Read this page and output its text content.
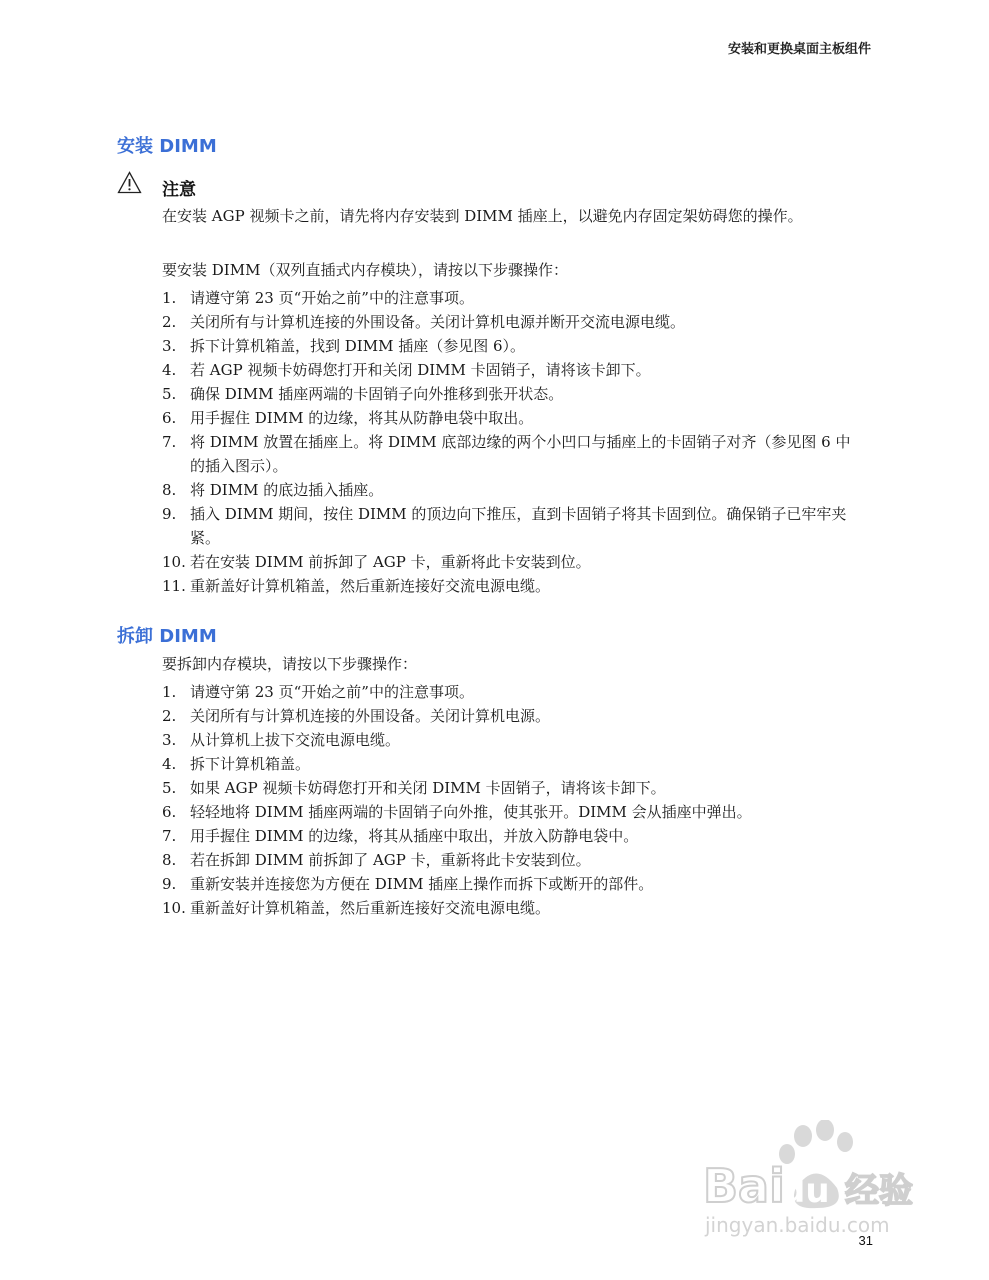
安装和更换桌面主板组件
安装 DIMM
注意
在安装 AGP 视频卡之前，请先将内存安装到 DIMM 插座上，以避免内存固定架妨碍您的操作。
要安装 DIMM（双列直插式内存模块），请按以下步骤操作：
1. 请遵守第 23 页“开始之前”中的注意事项。
2. 关闭所有与计算机连接的外围设备。关闭计算机电源并断开交流电源电缆。
3. 拆下计算机箱盖，找到 DIMM 插座（参见图 6）。
4. 若 AGP 视频卡妨碍您打开和关闭 DIMM 卡固销子，请将该卡卸下。
5. 确保 DIMM 插座两端的卡固销子向外推移到张开状态。
6. 用手握住 DIMM 的边缘，将其从防静电袋中取出。
7. 将 DIMM 放置在插座上。将 DIMM 底部边缘的两个小凹口与插座上的卡固销子对齐（参见图 6 中的插入图示）。
8. 将 DIMM 的底边插入插座。
9. 插入 DIMM 期间，按住 DIMM 的顶边向下推压，直到卡固销子将其卡固到位。确保销子已牢牢夹紧。
10. 若在安装 DIMM 前拆卸了 AGP 卡，重新将此卡安装到位。
11. 重新盖好计算机箱盖，然后重新连接好交流电源电缆。
拆卸 DIMM
要拆卸内存模块，请按以下步骤操作：
1. 请遵守第 23 页“开始之前”中的注意事项。
2. 关闭所有与计算机连接的外围设备。关闭计算机电源。
3. 从计算机上拔下交流电源电缆。
4. 拆下计算机箱盖。
5. 如果 AGP 视频卡妨碍您打开和关闭 DIMM 卡固销子，请将该卡卸下。
6. 轻轻地将 DIMM 插座两端的卡固销子向外推，使其张开。DIMM 会从插座中弹出。
7. 用手握住 DIMM 的边缘，将其从插座中取出，并放入防静电袋中。
8. 若在拆卸 DIMM 前拆卸了 AGP 卡，重新将此卡安装到位。
9. 重新安装并连接您为方便在 DIMM 插座上操作而拆下或断开的部件。
10. 重新盖好计算机箱盖，然后重新连接好交流电源电缆。
Bai
du 经验
jingyan.baidu.com
31
